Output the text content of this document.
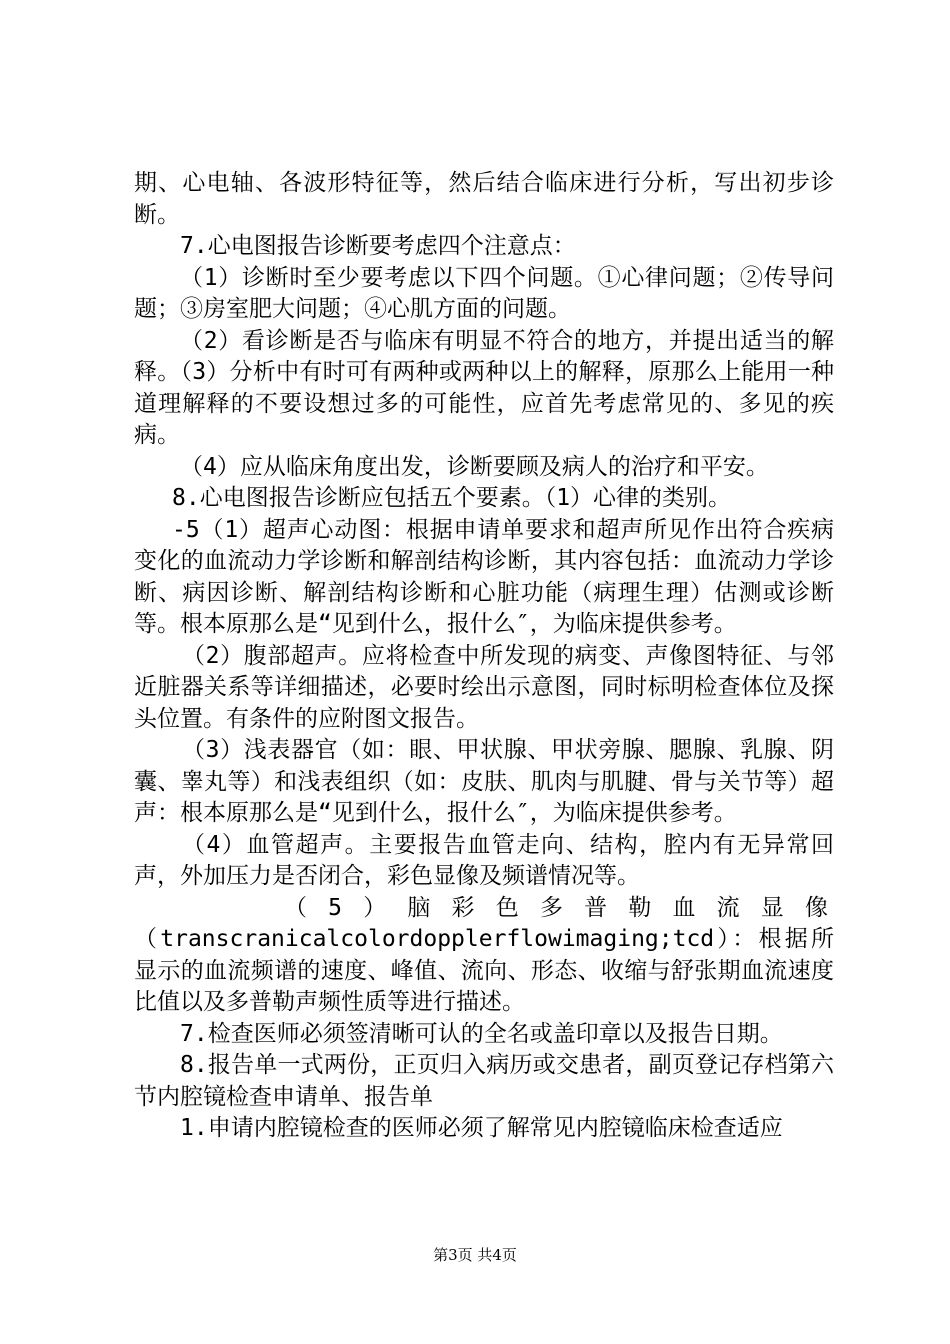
期、心电轴、各波形特征等，然后结合临床进行分析，写出初步诊断。

7.心电图报告诊断要考虑四个注意点：

（1）诊断时至少要考虑以下四个问题。①心律问题；②传导问题；③房室肥大问题；④心肌方面的问题。

（2）看诊断是否与临床有明显不符合的地方，并提出适当的解释。（3）分析中有时可有两种或两种以上的解释，原那么上能用一种道理解释的不要设想过多的可能性，应首先考虑常见的、多见的疾病。

（4）应从临床角度出发，诊断要顾及病人的治疗和平安。

8.心电图报告诊断应包括五个要素。（1）心律的类别。

-5（1）超声心动图：根据申请单要求和超声所见作出符合疾病变化的血流动力学诊断和解剖结构诊断，其内容包括：血流动力学诊断、病因诊断、解剖结构诊断和心脏功能（病理生理）估测或诊断等。根本原那么是“见到什么，报什么″，为临床提供参考。

（2）腹部超声。应将检查中所发现的病变、声像图特征、与邻近脏器关系等详细描述，必要时绘出示意图，同时标明检查体位及探头位置。有条件的应附图文报告。

（3）浅表器官（如：眼、甲状腺、甲状旁腺、腮腺、乳腺、阴囊、睾丸等）和浅表组织（如：皮肤、肌肉与肌腱、骨与关节等）超声：根本原那么是“见到什么，报什么″，为临床提供参考。

（4）血管超声。主要报告血管走向、结构，腔内有无异常回声，外加压力是否闭合，彩色显像及频谱情况等。

（5）脑彩色多普勒血流显像

（transcranicalcolordopplerflowimaging;tcd）：根据所显示的血流频谱的速度、峰值、流向、形态、收缩与舒张期血流速度比值以及多普勒声频性质等进行描述。

7.检查医师必须签清晰可认的全名或盖印章以及报告日期。

8.报告单一式两份，正页归入病历或交患者，副页登记存档第六节内腔镜检查申请单、报告单

1.申请内腔镜检查的医师必须了解常见内腔镜临床检查适应

第3页 共4页
